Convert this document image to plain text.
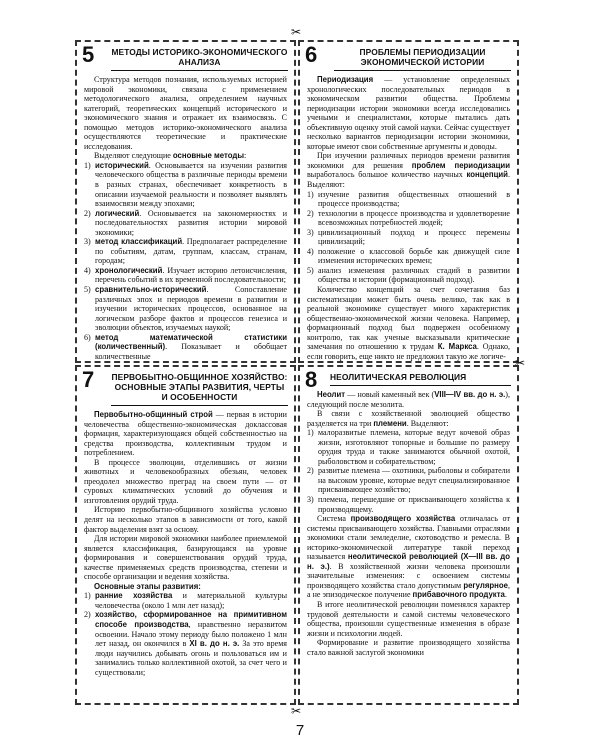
5 МЕТОДЫ ИСТОРИКО-ЭКОНОМИЧЕСКОГО АНАЛИЗА

Структура методов познания, используемых историей мировой экономики, связана с применением методологического анализа, определением научных категорий, теоретических концепций исторического и экономического знания и отражает их взаимосвязь. С помощью методов историко-экономического анализа осуществляются теоретические и практические исследования.

Выделяют следующие основные методы:

1) исторический. Основывается на изучении развития человеческого общества в различные периоды времени в разных странах, обеспечивает конкретность в описании изучаемой реальности и позволяет выявлять взаимосвязи между эпохами;
2) логический. Основывается на закономерностях и последовательностях развития истории мировой экономики;
3) метод классификаций. Предполагает распределение по событиям, датам, группам, классам, странам, городам;
4) хронологический. Изучает историю летоисчисления, перечень событий в их временной последовательности;
5) сравнительно-исторический. Сопоставление различных эпох и периодов времени в развитии и изучении исторических процессов, основанное на логическом разборе фактов и процессов генезиса и эволюции объектов, изучаемых наукой;
6) метод математической статистики (количественный). Показывает и обобщает количественные
6	ПРОБЛЕМЫ ПЕРИОДИЗАЦИИ ЭКОНОМИЧЕСКОЙ ИСТОРИИ

Периодизация — установление определенных хронологических последовательных периодов в экономическом развитии общества. Проблемы периодизации истории экономики всегда исследовались учеными и специалистами, которые пытались дать объективную оценку этой самой науки. Сейчас существует несколько вариантов периодизации истории экономики, которые имеют свои собственные аргументы и доводы.

При изучении различных периодов времени развития экономики для решения проблем периодизации выработалось большое количество научных концепций. Выделяют:

1) изучение развития общественных отношений в процессе производства;
2) технологии в процессе производства и удовлетворение всевозможных потребностей людей;
3) цивилизационный подход и процесс перемены цивилизаций;
4) положение о классовой борьбе как движущей силе изменения исторических времен;
5) анализ изменения различных стадий в развитии общества и истории (формационный подход).

Количество концепций за счет сочетания баз систематизации может быть очень велико, так как в реальной экономике существует много характеристик общественно-экономической жизни человека. Например, формационный подход был подвержен особенному контролю, так как ученые высказывали критические замечания по отношению к трудам К. Маркса. Однако, если говорить, еще никто не предложил такую же логиче-

7 ПЕРВОБЫТНО-ОБЩИННОЕ ХОЗЯЙСТВО: ОСНОВНЫЕ ЭТАПЫ РАЗВИТИЯ, ЧЕРТЫ И ОСОБЕННОСТИ

Первобытно-общинный строй — первая в истории человечества общественно-экономическая доклассовая формация, характеризующаяся общей собственностью на средства производства, коллективным трудом и потреблением.

В процессе эволюции, отделившись от жизни животных и человекообразных обезьян, человек преодолел множество преград на своем пути — от суровых климатических условий до обучения и изготовления орудий труда.

Историю первобытно-общинного хозяйства условно делят на несколько этапов в зависимости от того, какой фактор выделения взят за основу.

Для истории мировой экономики наиболее приемлемой является классификация, базирующаяся на уровне формирования и совершенствования орудий труда, качестве применяемых средств производства, степени и способе организации и ведения хозяйства.

Основные этапы развития:

1) ранние хозяйства и материальной культуры человечества (около 1 млн лет назад);
2) хозяйство, сформированное на примитивном способе производства, нравственно неразвитом освоении. Начало этому периоду было положено 1 млн лет назад, он окончился в XI в. до н. э. За это время люди научились добывать огонь и пользоваться им и занимались только коллективной охотой, за счет чего и существовали;
8 НЕОЛИТИЧЕСКАЯ РЕВОЛЮЦИЯ

Неолит — новый каменный век (VIII—IV вв. до н. э.), следующий после мезолита.

В связи с хозяйственной эволюцией общество разделяется на три племени. Выделяют:

1) малоразвитые племена, которые ведут кочевой образ жизни, изготовляют топорные и большие по размеру орудия труда и также занимаются обычной охотой, рыболовством и собирательством;
2) развитые племена — охотники, рыболовы и собиратели на высоком уровне, которые ведут специализированное присваивающее хозяйство;
3) племена, перешедшие от присваивающего хозяйства к производящему.

Система производящего хозяйства отличалась от системы присваивающего хозяйства. Главными отраслями экономики стали земледелие, скотоводство и ремесла. В историко-экономической литературе такой переход называется неолитической революцией (X—III вв. до н. э.). В хозяйственной жизни человека произошли значительные изменения: с освоением системы производящего хозяйства стало допустимым регулярное, а не эпизодическое получение прибавочного продукта.

В итоге неолитической революции поменялся характер трудовой деятельности и самой системы человеческого общества, произошли существенные изменения в образе жизни и психологии людей.

Формирование и развитие производящего хозяйства стало важной заслугой экономики

✂
✂
✂
7
